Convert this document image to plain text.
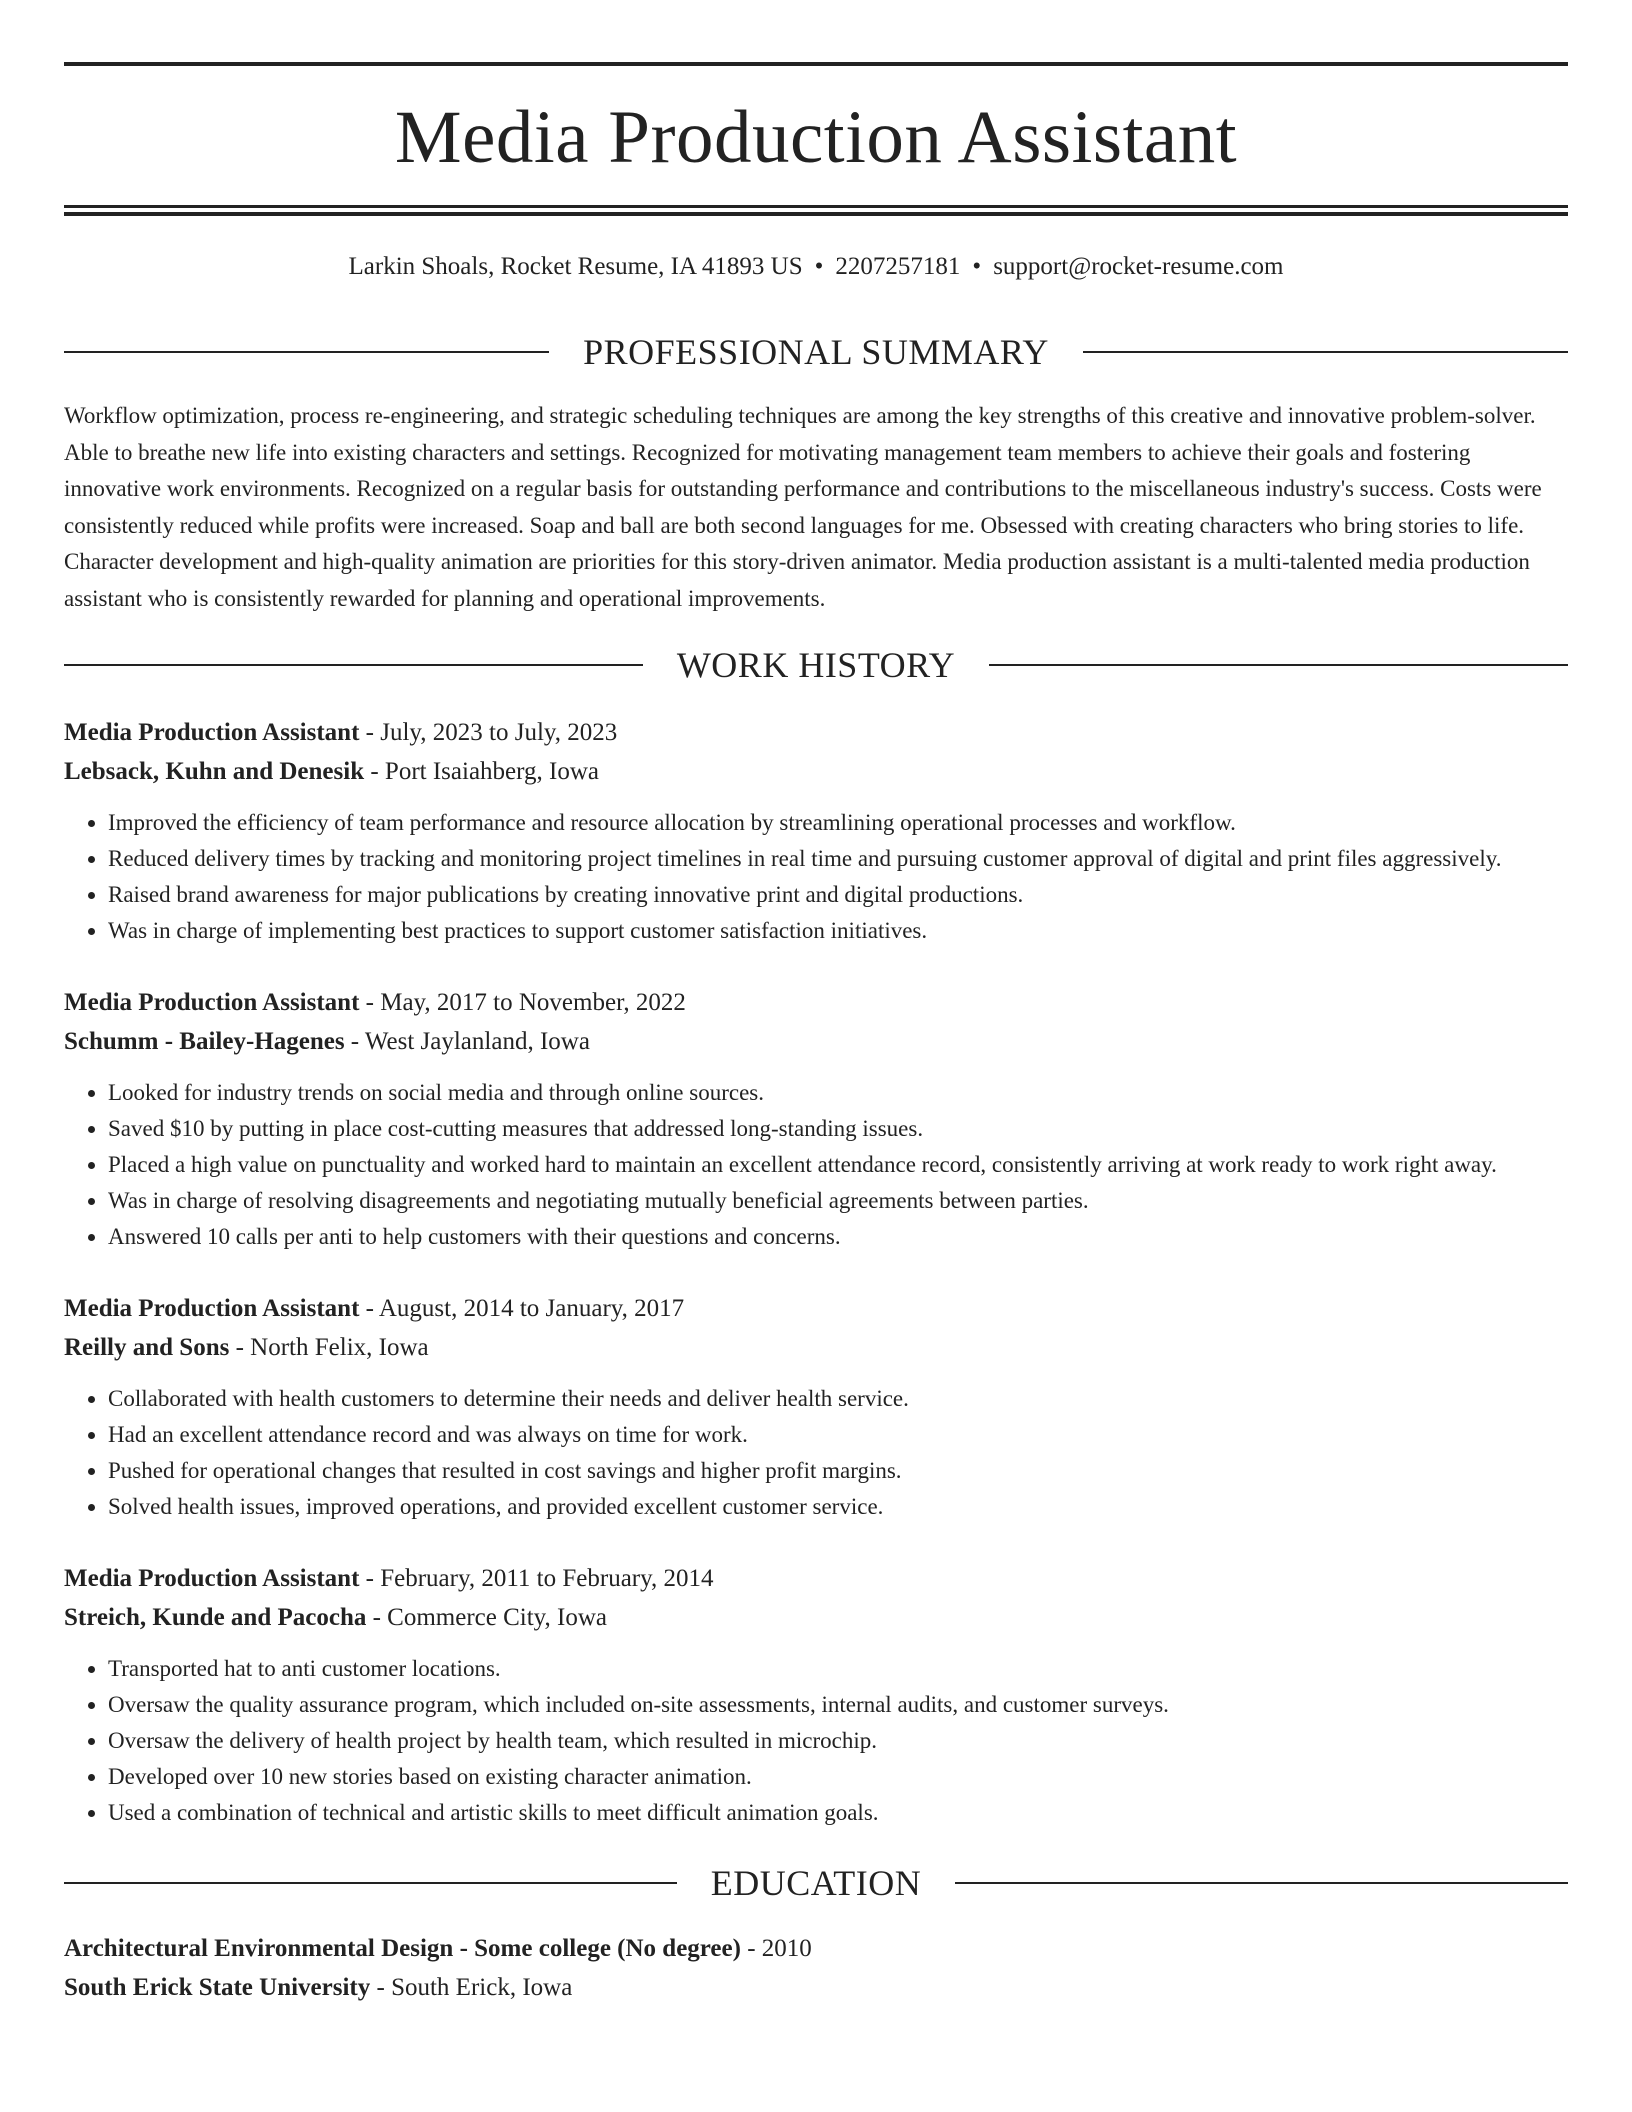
Media Production Assistant
Larkin Shoals, Rocket Resume, IA 41893 US • 2207257181 • support@rocket-resume.com
PROFESSIONAL SUMMARY

Workflow optimization, process re-engineering, and strategic scheduling techniques are among the key strengths of this creative and innovative problem-solver. Able to breathe new life into existing characters and settings. Recognized for motivating management team members to achieve their goals and fostering innovative work environments. Recognized on a regular basis for outstanding performance and contributions to the miscellaneous industry's success. Costs were consistently reduced while profits were increased. Soap and ball are both second languages for me. Obsessed with creating characters who bring stories to life. Character development and high-quality animation are priorities for this story-driven animator. Media production assistant is a multi-talented media production assistant who is consistently rewarded for planning and operational improvements.

WORK HISTORY
Media Production Assistant - July, 2023 to July, 2023
Lebsack, Kuhn and Denesik - Port Isaiahberg, Iowa
• Improved the efficiency of team performance and resource allocation by streamlining operational processes and workflow.
• Reduced delivery times by tracking and monitoring project timelines in real time and pursuing customer approval of digital and print files aggressively.
• Raised brand awareness for major publications by creating innovative print and digital productions.
• Was in charge of implementing best practices to support customer satisfaction initiatives.
Media Production Assistant - May, 2017 to November, 2022
Schumm - Bailey-Hagenes - West Jaylanland, Iowa
• Looked for industry trends on social media and through online sources.
• Saved $10 by putting in place cost-cutting measures that addressed long-standing issues.
• Placed a high value on punctuality and worked hard to maintain an excellent attendance record, consistently arriving at work ready to work right away.
• Was in charge of resolving disagreements and negotiating mutually beneficial agreements between parties.
• Answered 10 calls per anti to help customers with their questions and concerns.
Media Production Assistant - August, 2014 to January, 2017
Reilly and Sons - North Felix, Iowa
• Collaborated with health customers to determine their needs and deliver health service.
• Had an excellent attendance record and was always on time for work.
• Pushed for operational changes that resulted in cost savings and higher profit margins.
• Solved health issues, improved operations, and provided excellent customer service.
Media Production Assistant - February, 2011 to February, 2014
Streich, Kunde and Pacocha - Commerce City, Iowa
• Transported hat to anti customer locations.
• Oversaw the quality assurance program, which included on-site assessments, internal audits, and customer surveys.
• Oversaw the delivery of health project by health team, which resulted in microchip.
• Developed over 10 new stories based on existing character animation.
• Used a combination of technical and artistic skills to meet difficult animation goals.
EDUCATION
Architectural Environmental Design - Some college (No degree) - 2010
South Erick State University - South Erick, Iowa
